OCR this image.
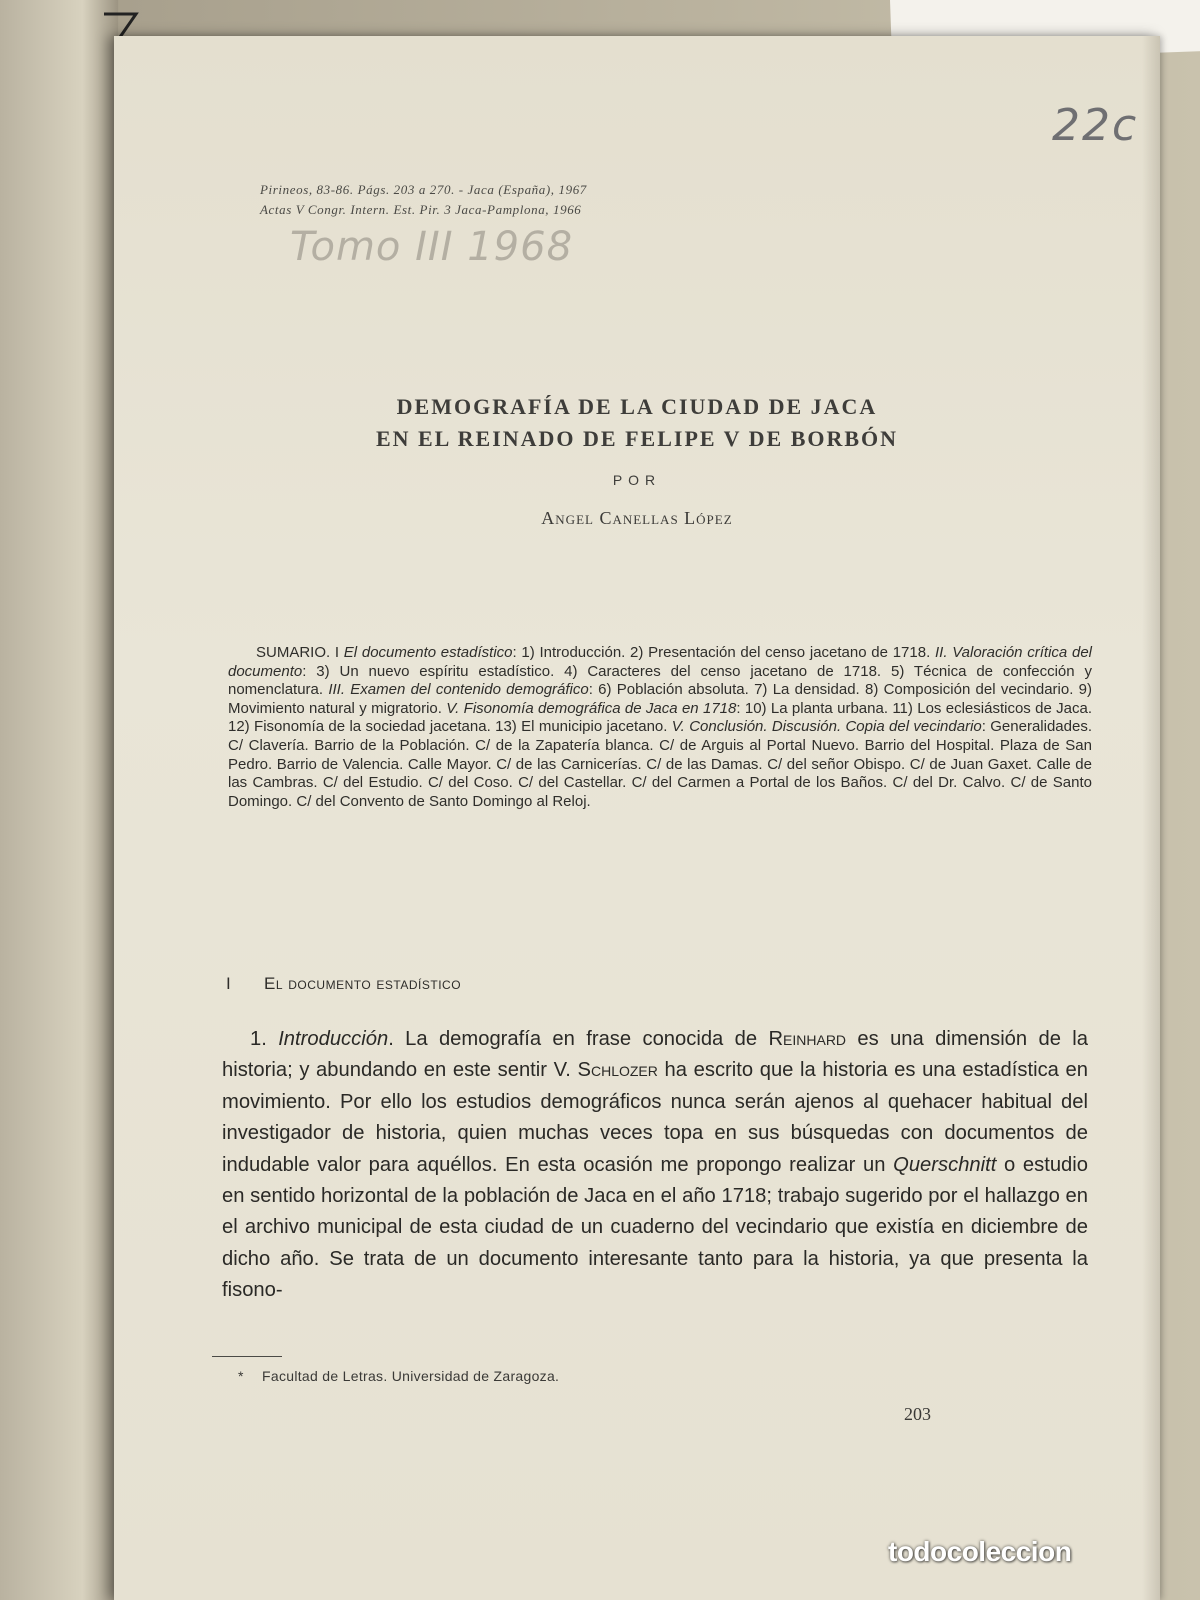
22c
Tomo III 1968
Pirineos, 83-86. Págs. 203 a 270. - Jaca (España), 1967
Actas V Congr. Intern. Est. Pir. 3 Jaca-Pamplona, 1966
DEMOGRAFÍA DE LA CIUDAD DE JACA
EN EL REINADO DE FELIPE V DE BORBÓN
POR
Angel Canellas López

SUMARIO. I El documento estadístico: 1) Introducción. 2) Presentación del censo jacetano de 1718. II. Valoración crítica del documento: 3) Un nuevo espíritu estadístico. 4) Caracteres del censo jacetano de 1718. 5) Técnica de confección y nomenclatura. III. Examen del contenido demográfico: 6) Población absoluta. 7) La densidad. 8) Composición del vecindario. 9) Movimiento natural y migratorio. V. Fisonomía demográfica de Jaca en 1718: 10) La planta urbana. 11) Los eclesiásticos de Jaca. 12) Fisonomía de la sociedad jacetana. 13) El municipio jacetano. V. Conclusión. Discusión. Copia del vecindario: Generalidades. C/ Clavería. Barrio de la Población. C/ de la Zapatería blanca. C/ de Arguis al Portal Nuevo. Barrio del Hospital. Plaza de San Pedro. Barrio de Valencia. Calle Mayor. C/ de las Carnicerías. C/ de las Damas. C/ del señor Obispo. C/ de Juan Gaxet. Calle de las Cambras. C/ del Estudio. C/ del Coso. C/ del Castellar. C/ del Carmen a Portal de los Baños. C/ del Dr. Calvo. C/ de Santo Domingo. C/ del Convento de Santo Domingo al Reloj.

I El documento estadístico

1. Introducción. La demografía en frase conocida de Reinhard es una dimensión de la historia; y abundando en este sentir V. Schlozer ha escrito que la historia es una estadística en movimiento. Por ello los estudios demográficos nunca serán ajenos al quehacer habitual del investigador de historia, quien muchas veces topa en sus búsquedas con documentos de indudable valor para aquéllos. En esta ocasión me propongo realizar un Querschnitt o estudio en sentido horizontal de la población de Jaca en el año 1718; trabajo sugerido por el hallazgo en el archivo municipal de esta ciudad de un cuaderno del vecindario que existía en diciembre de dicho año. Se trata de un documento interesante tanto para la historia, ya que presenta la fisono-

* Facultad de Letras. Universidad de Zaragoza.
203
todocoleccion
